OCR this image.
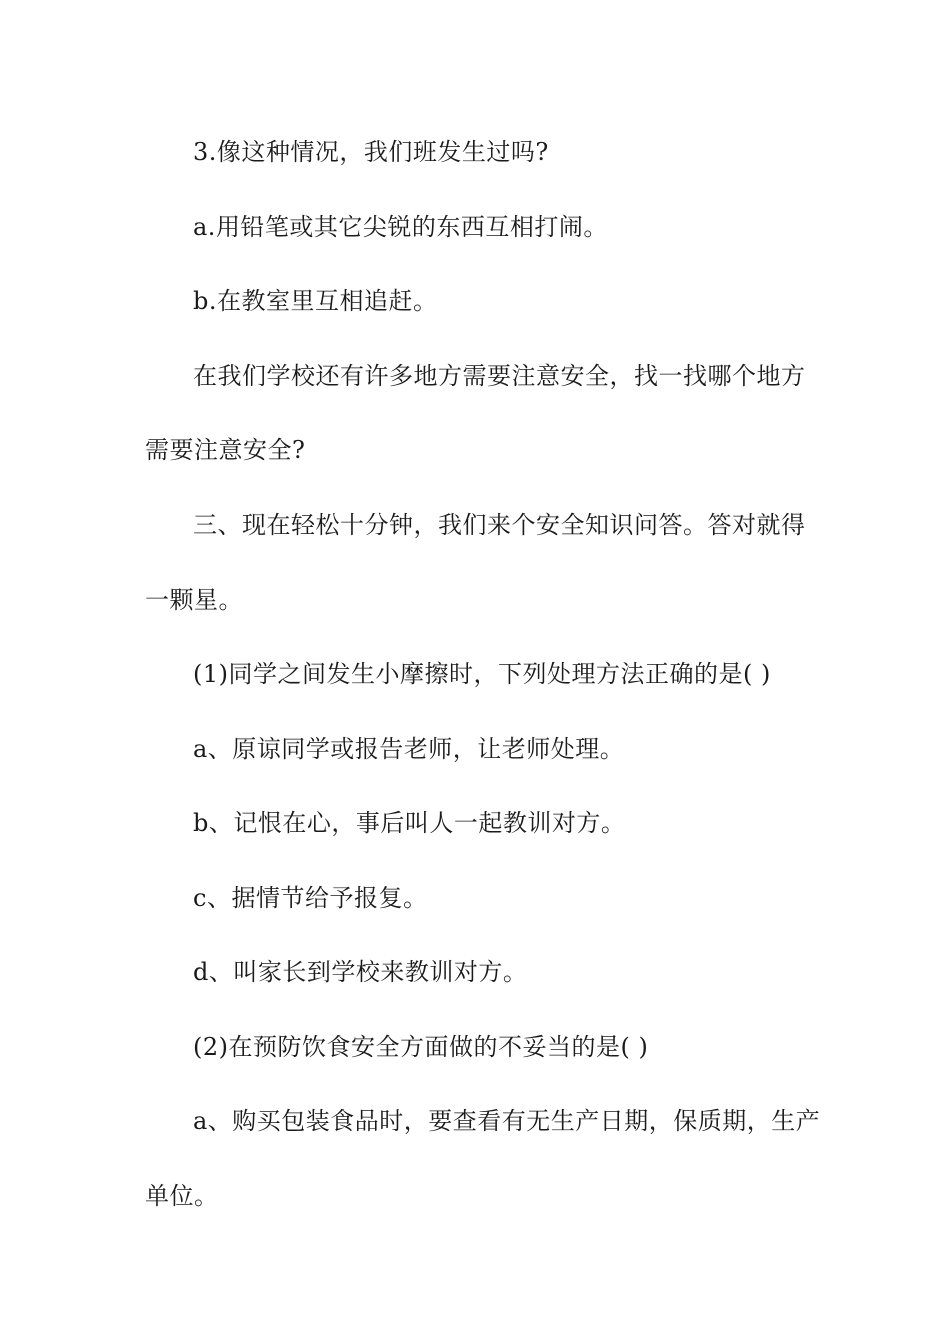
3.像这种情况，我们班发生过吗?
a.用铅笔或其它尖锐的东西互相打闹。
b.在教室里互相追赶。
在我们学校还有许多地方需要注意安全，找一找哪个地方
需要注意安全?
三、现在轻松十分钟，我们来个安全知识问答。答对就得
一颗星。
(1)同学之间发生小摩擦时，下列处理方法正确的是( )
a、原谅同学或报告老师，让老师处理。
b、记恨在心，事后叫人一起教训对方。
c、据情节给予报复。
d、叫家长到学校来教训对方。
(2)在预防饮食安全方面做的不妥当的是( )
a、购买包装食品时，要查看有无生产日期，保质期，生产
单位。
